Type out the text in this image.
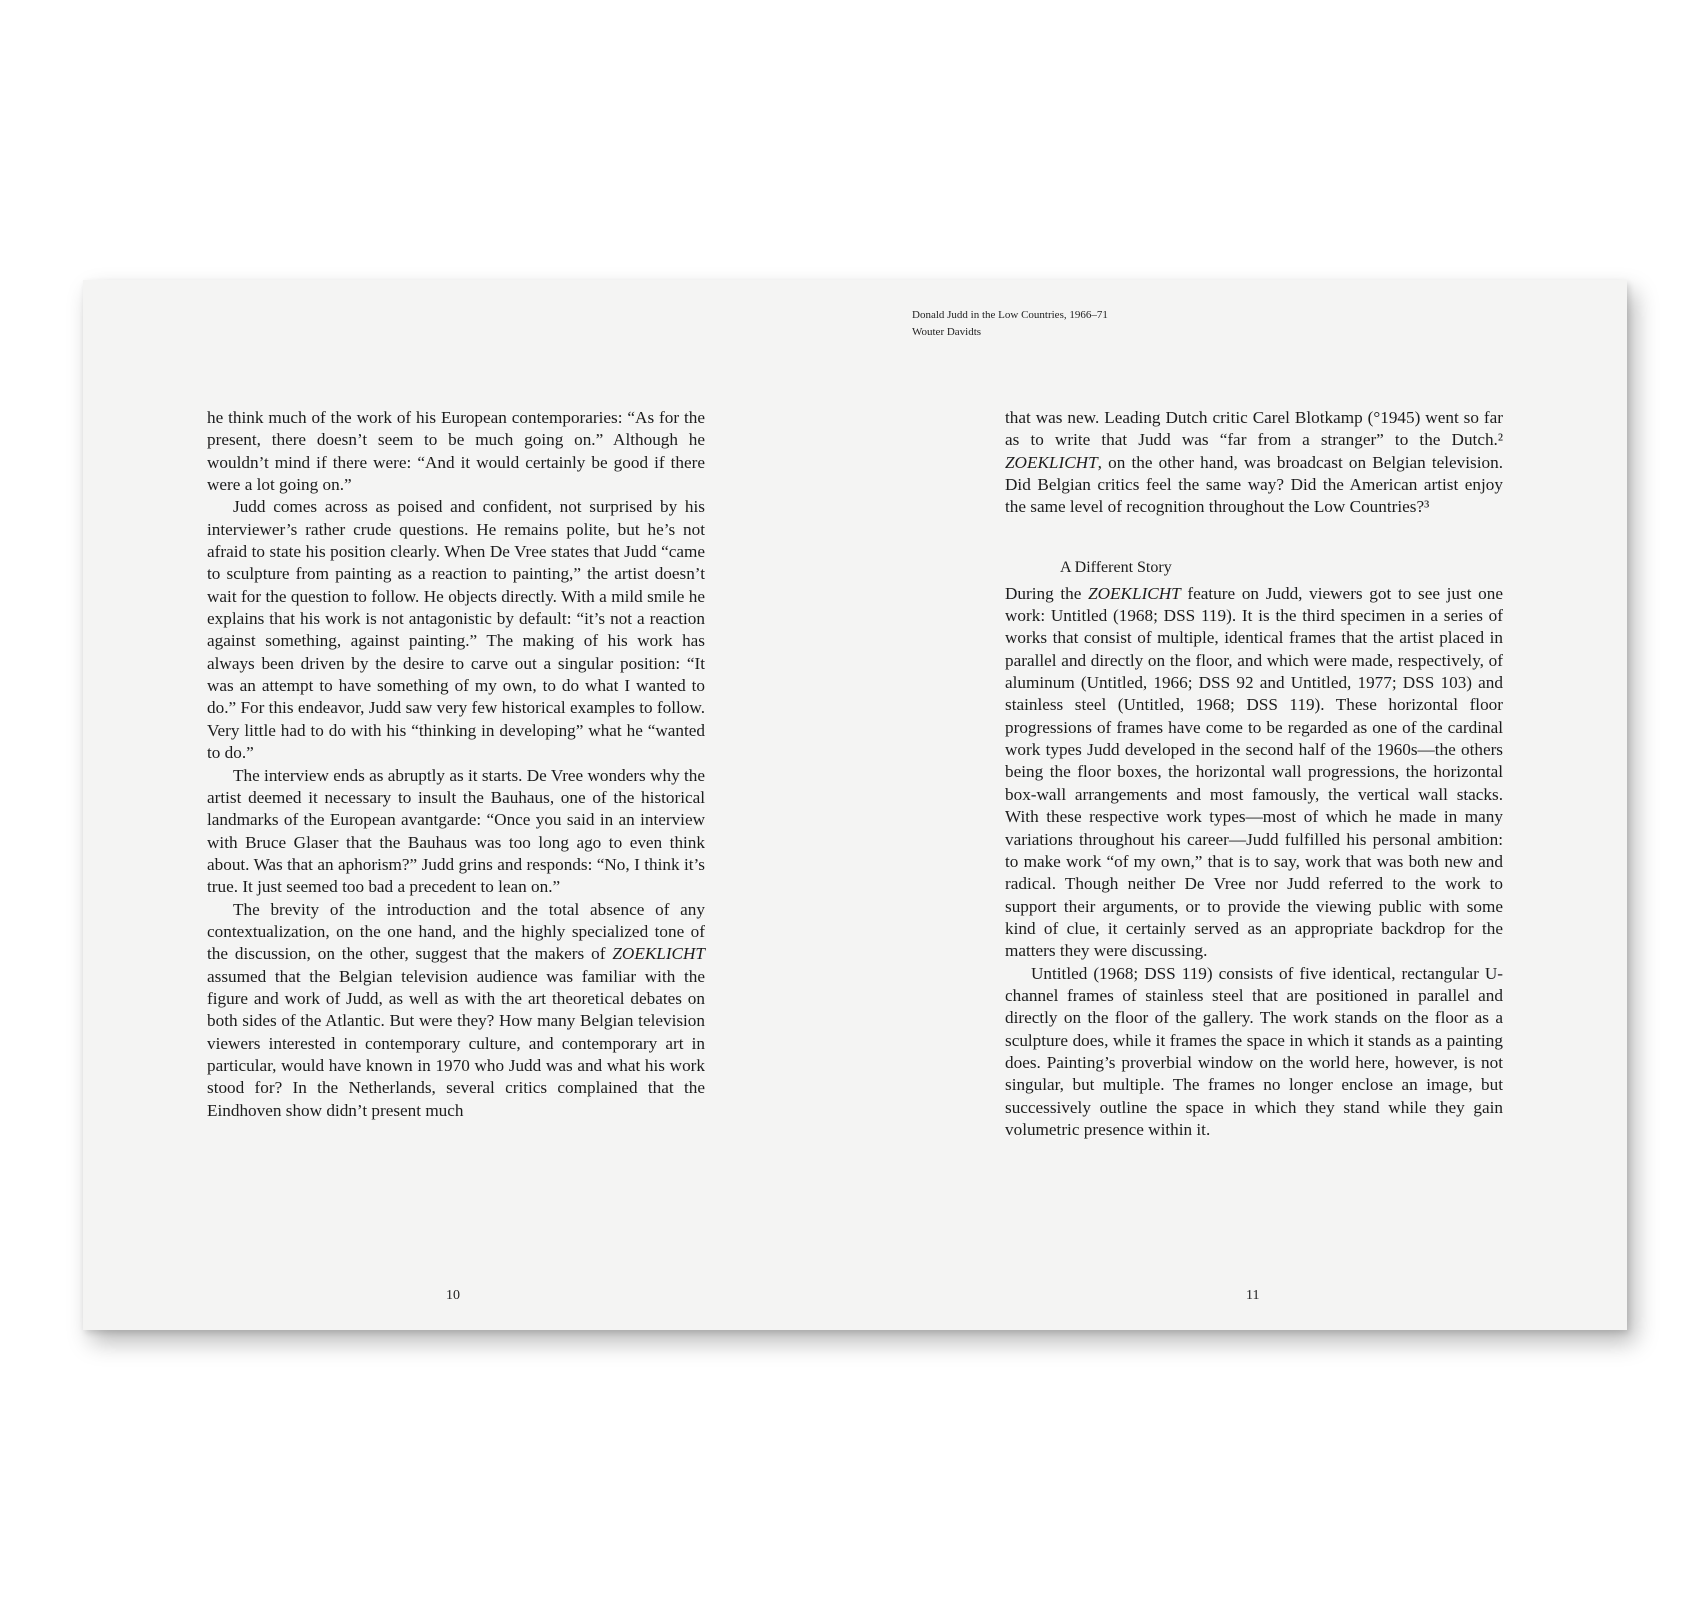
Donald Judd in the Low Countries, 1966–71
Wouter Davidts

he think much of the work of his European contemporaries: “As for the present, there doesn’t seem to be much going on.” Although he wouldn’t mind if there were: “And it would certainly be good if there were a lot going on.”

Judd comes across as poised and confident, not surprised by his interviewer’s rather crude questions. He remains polite, but he’s not afraid to state his position clearly. When De Vree states that Judd “came to sculpture from painting as a reaction to painting,” the artist doesn’t wait for the question to follow. He objects directly. With a mild smile he explains that his work is not antagonistic by default: “it’s not a reaction against something, against painting.” The making of his work has always been driven by the desire to carve out a singular position: “It was an attempt to have something of my own, to do what I wanted to do.” For this endeavor, Judd saw very few historical examples to follow. Very little had to do with his “thinking in developing” what he “wanted to do.”

The interview ends as abruptly as it starts. De Vree wonders why the artist deemed it necessary to insult the Bauhaus, one of the historical landmarks of the European avantgarde: “Once you said in an interview with Bruce Glaser that the Bauhaus was too long ago to even think about. Was that an aphorism?” Judd grins and responds: “No, I think it’s true. It just seemed too bad a precedent to lean on.”

The brevity of the introduction and the total absence of any contextualization, on the one hand, and the highly specialized tone of the discussion, on the other, suggest that the makers of ZOEKLICHT assumed that the Belgian television audience was familiar with the figure and work of Judd, as well as with the art theoretical debates on both sides of the Atlantic. But were they? How many Belgian television viewers interested in contemporary culture, and contemporary art in particular, would have known in 1970 who Judd was and what his work stood for? In the Netherlands, several critics complained that the Eindhoven show didn’t present much

that was new. Leading Dutch critic Carel Blotkamp (°1945) went so far as to write that Judd was “far from a stranger” to the Dutch.² ZOEKLICHT, on the other hand, was broadcast on Belgian television. Did Belgian critics feel the same way? Did the American artist enjoy the same level of recognition throughout the Low Countries?³

A Different Story

During the ZOEKLICHT feature on Judd, viewers got to see just one work: Untitled (1968; DSS 119). It is the third specimen in a series of works that consist of multiple, identical frames that the artist placed in parallel and directly on the floor, and which were made, respectively, of aluminum (Untitled, 1966; DSS 92 and Untitled, 1977; DSS 103) and stainless steel (Untitled, 1968; DSS 119). These horizontal floor progressions of frames have come to be regarded as one of the cardinal work types Judd developed in the second half of the 1960s—the others being the floor boxes, the horizontal wall progressions, the horizontal box-wall arrangements and most famously, the vertical wall stacks. With these respective work types—most of which he made in many variations throughout his career—Judd fulfilled his personal ambition: to make work “of my own,” that is to say, work that was both new and radical. Though neither De Vree nor Judd referred to the work to support their arguments, or to provide the viewing public with some kind of clue, it certainly served as an appropriate backdrop for the matters they were discussing.

Untitled (1968; DSS 119) consists of five identical, rectangular U-channel frames of stainless steel that are positioned in parallel and directly on the floor of the gallery. The work stands on the floor as a sculpture does, while it frames the space in which it stands as a painting does. Painting’s proverbial window on the world here, however, is not singular, but multiple. The frames no longer enclose an image, but successively outline the space in which they stand while they gain volumetric presence within it.

10	11
